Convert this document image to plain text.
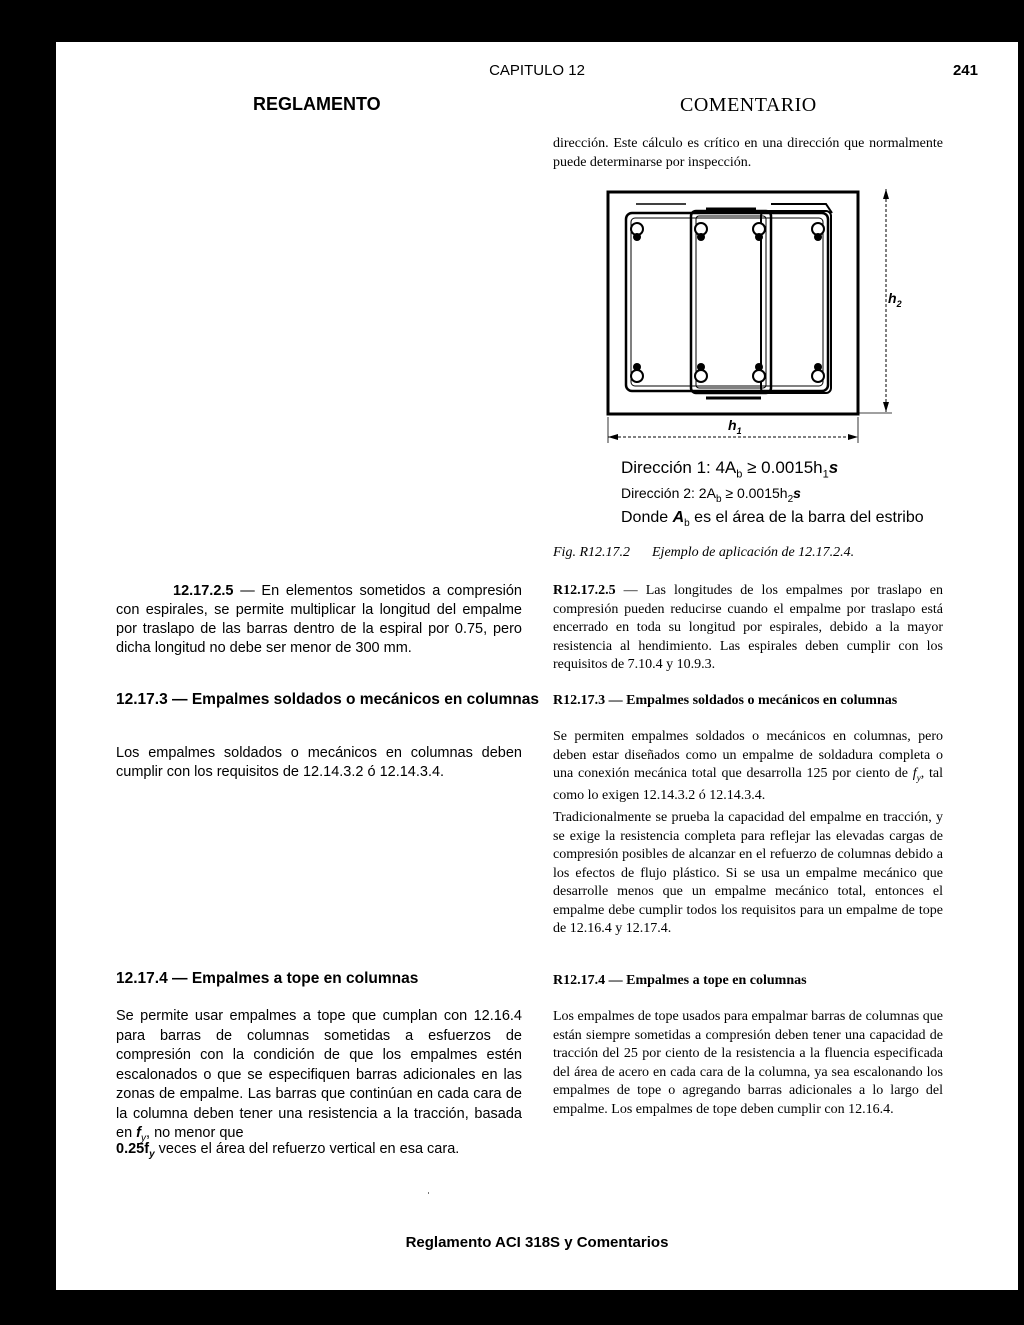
CAPITULO 12	241
REGLAMENTO	COMENTARIO
dirección. Este cálculo es crítico en una dirección que normalmente puede determinarse por inspección.
$h_2$
$h_1$
Dirección 1: $4A_b \ge 0.0015h_1s$
Dirección 2: $2A_b \ge 0.0015h_2s$
Donde $A_b$ es el área de la barra del estribo
Fig. R12.17.2 Ejemplo de aplicación de 12.17.2.4.
12.17.2.5 — En elementos sometidos a compresión con espirales, se permite multiplicar la longitud del empalme por traslapo de las barras dentro de la espiral por 0.75, pero dicha longitud no debe ser menor de 300 mm.
12.17.3 — Empalmes soldados o mecánicos en columnas
Los empalmes soldados o mecánicos en columnas deben cumplir con los requisitos de 12.14.3.2 ó 12.14.3.4.
12.17.4 — Empalmes a tope en columnas
Se permite usar empalmes a tope que cumplan con 12.16.4 para barras de columnas sometidas a esfuerzos de compresión con la condición de que los empalmes estén escalonados o que se especifiquen barras adicionales en las zonas de empalme. Las barras que continúan en cada cara de la columna deben tener una resistencia a la tracción, basada en $f_y$, no menor que
$0.25f_y$ veces el área del refuerzo vertical en esa cara.
R12.17.2.5 — Las longitudes de los empalmes por traslapo en compresión pueden reducirse cuando el empalme por traslapo está encerrado en toda su longitud por espirales, debido a la mayor resistencia al hendimiento. Las espirales deben cumplir con los requisitos de 7.10.4 y 10.9.3.
R12.17.3 — Empalmes soldados o mecánicos en columnas
Se permiten empalmes soldados o mecánicos en columnas, pero deben estar diseñados como un empalme de soldadura completa o una conexión mecánica total que desarrolla 125 por ciento de $f_y$, tal como lo exigen 12.14.3.2 ó 12.14.3.4.
Tradicionalmente se prueba la capacidad del empalme en tracción, y se exige la resistencia completa para reflejar las elevadas cargas de compresión posibles de alcanzar en el refuerzo de columnas debido a los efectos de flujo plástico. Si se usa un empalme mecánico que desarrolle menos que un empalme mecánico total, entonces el empalme debe cumplir todos los requisitos para un empalme de tope de 12.16.4 y 12.17.4.
R12.17.4 — Empalmes a tope en columnas
Los empalmes de tope usados para empalmar barras de columnas que están siempre sometidas a compresión deben tener una capacidad de tracción del 25 por ciento de la resistencia a la fluencia especificada del área de acero en cada cara de la columna, ya sea escalonando los empalmes de tope o agregando barras adicionales a lo largo del empalme. Los empalmes de tope deben cumplir con 12.16.4.
Reglamento ACI 318S y Comentarios
